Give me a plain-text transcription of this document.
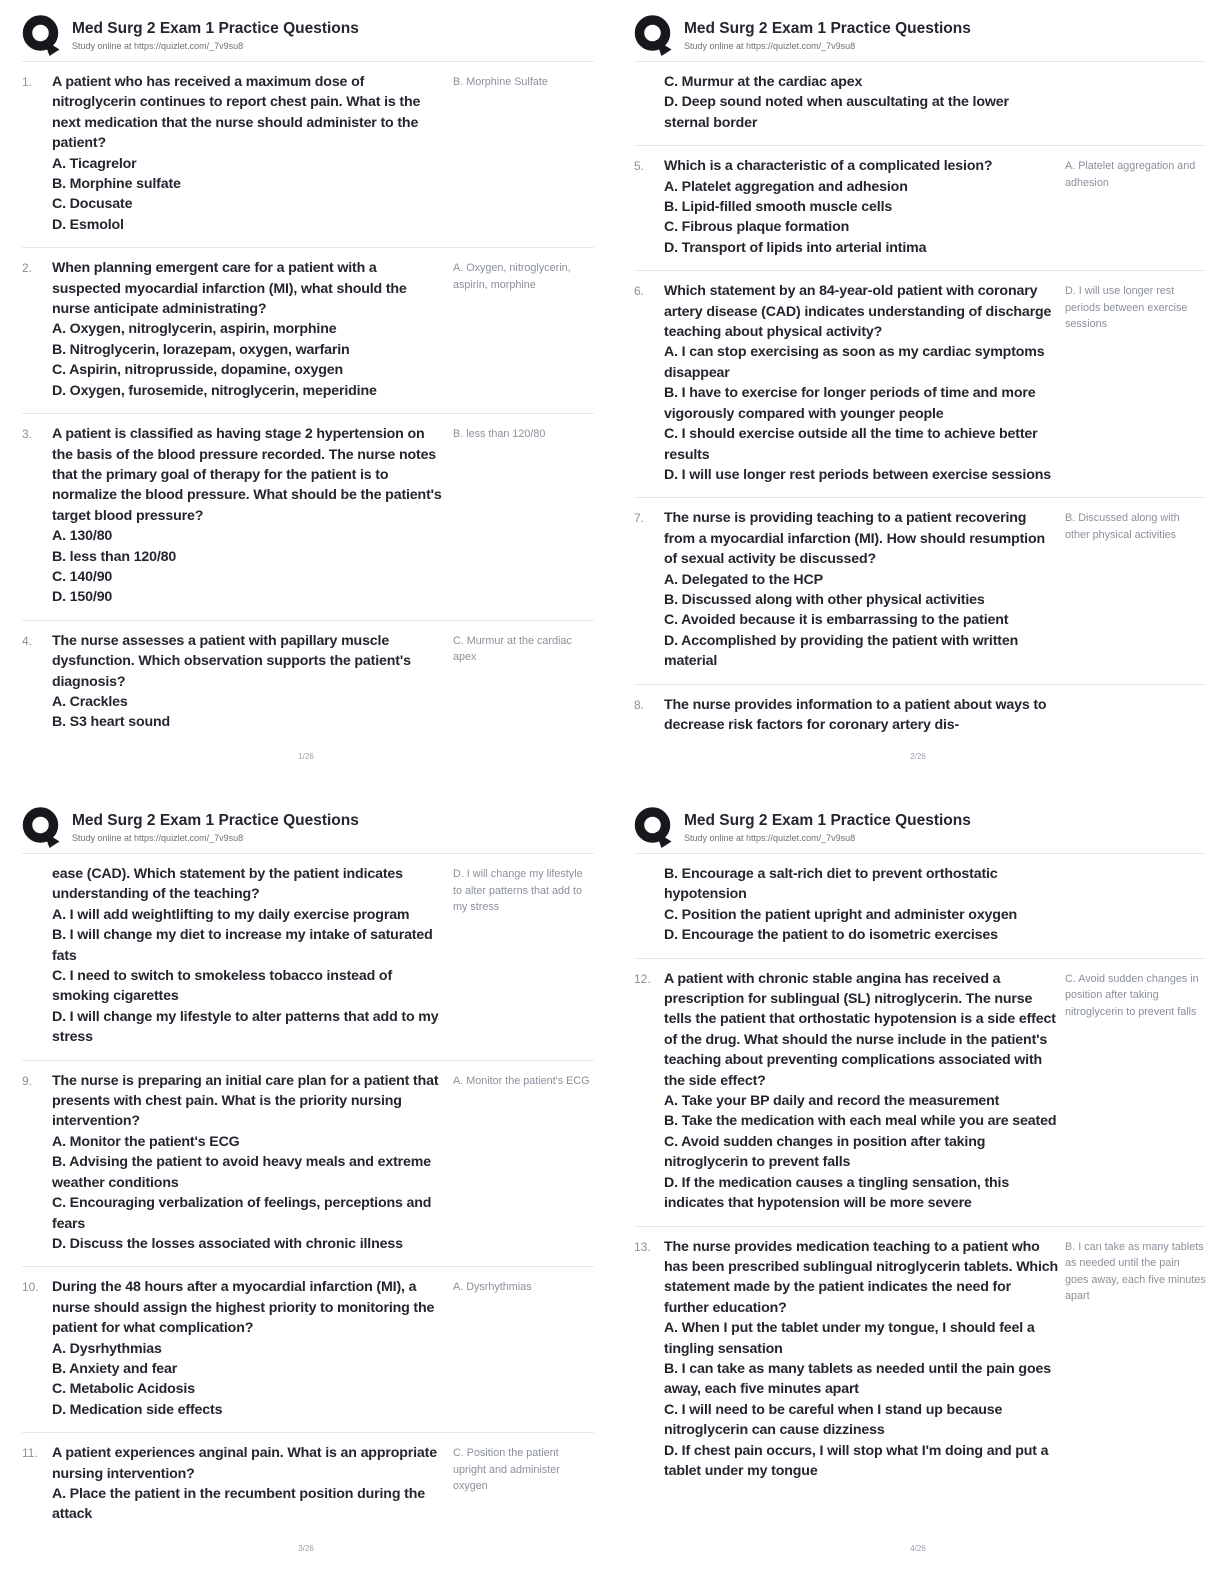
Med Surg 2 Exam 1 Practice Questions
Study online at https://quizlet.com/_7v9su8
1.	A patient who has received a maximum dose of nitroglycerin continues to report chest pain. What is the next medication that the nurse should administer to the patient?
A. Ticagrelor
B. Morphine sulfate
C. Docusate
D. Esmolol
B. Morphine Sulfate
2.	When planning emergent care for a patient with a suspected myocardial infarction (MI), what should the nurse anticipate administrating?
A. Oxygen, nitroglycerin, aspirin, morphine
B. Nitroglycerin, lorazepam, oxygen, warfarin
C. Aspirin, nitroprusside, dopamine, oxygen
D. Oxygen, furosemide, nitroglycerin, meperidine
A. Oxygen, nitroglycerin, aspirin, morphine
3.	A patient is classified as having stage 2 hypertension on the basis of the blood pressure recorded. The nurse notes that the primary goal of therapy for the patient is to normalize the blood pressure. What should be the patient's target blood pressure?
A. 130/80
B. less than 120/80
C. 140/90
D. 150/90
B. less than 120/80
4.	The nurse assesses a patient with papillary muscle dysfunction. Which observation supports the patient's diagnosis?
A. Crackles
B. S3 heart sound
C. Murmur at the cardiac apex
1/26
Med Surg 2 Exam 1 Practice Questions
Study online at https://quizlet.com/_7v9su8
C. Murmur at the cardiac apex
D. Deep sound noted when auscultating at the lower sternal border
5.	Which is a characteristic of a complicated lesion?
A. Platelet aggregation and adhesion
B. Lipid-filled smooth muscle cells
C. Fibrous plaque formation
D. Transport of lipids into arterial intima
A. Platelet aggregation and adhesion
6.	Which statement by an 84-year-old patient with coronary artery disease (CAD) indicates understanding of discharge teaching about physical activity?
A. I can stop exercising as soon as my cardiac symptoms disappear
B. I have to exercise for longer periods of time and more vigorously compared with younger people
C. I should exercise outside all the time to achieve better results
D. I will use longer rest periods between exercise sessions
D. I will use longer rest periods between exercise sessions
7.	The nurse is providing teaching to a patient recovering from a myocardial infarction (MI). How should resumption of sexual activity be discussed?
A. Delegated to the HCP
B. Discussed along with other physical activities
C. Avoided because it is embarrassing to the patient
D. Accomplished by providing the patient with written material
B. Discussed along with other physical activities
8.	The nurse provides information to a patient about ways to decrease risk factors for coronary artery dis-
2/26
Med Surg 2 Exam 1 Practice Questions
Study online at https://quizlet.com/_7v9su8
ease (CAD). Which statement by the patient indicates understanding of the teaching?
A. I will add weightlifting to my daily exercise program
B. I will change my diet to increase my intake of saturated fats
C. I need to switch to smokeless tobacco instead of smoking cigarettes
D. I will change my lifestyle to alter patterns that add to my stress
D. I will change my lifestyle to alter patterns that add to my stress
9.	The nurse is preparing an initial care plan for a patient that presents with chest pain. What is the priority nursing intervention?
A. Monitor the patient's ECG
B. Advising the patient to avoid heavy meals and extreme weather conditions
C. Encouraging verbalization of feelings, perceptions and fears
D. Discuss the losses associated with chronic illness
A. Monitor the patient's ECG
10. During the 48 hours after a myocardial infarction (MI), a nurse should assign the highest priority to monitoring the patient for what complication?
A. Dysrhythmias
B. Anxiety and fear
C. Metabolic Acidosis
D. Medication side effects
A. Dysrhythmias
11.	A patient experiences anginal pain. What is an appropriate nursing intervention?
A. Place the patient in the recumbent position during the attack
C. Position the patient upright and administer oxygen
3/26
Med Surg 2 Exam 1 Practice Questions
Study online at https://quizlet.com/_7v9su8
B. Encourage a salt-rich diet to prevent orthostatic hypotension
C. Position the patient upright and administer oxygen
D. Encourage the patient to do isometric exercises
12. A patient with chronic stable angina has received a prescription for sublingual (SL) nitroglycerin. The nurse tells the patient that orthostatic hypotension is a side effect of the drug. What should the nurse include in the patient's teaching about preventing complications associated with the side effect?
A. Take your BP daily and record the measurement
B. Take the medication with each meal while you are seated
C. Avoid sudden changes in position after taking nitroglycerin to prevent falls
D. If the medication causes a tingling sensation, this indicates that hypotension will be more severe
C. Avoid sudden changes in position after taking nitroglycerin to prevent falls
13. The nurse provides medication teaching to a patient who has been prescribed sublingual nitroglycerin tablets. Which statement made by the patient indicates the need for further education?
A. When I put the tablet under my tongue, I should feel a tingling sensation
B. I can take as many tablets as needed until the pain goes away, each five minutes apart
C. I will need to be careful when I stand up because nitroglycerin can cause dizziness
D. If chest pain occurs, I will stop what I'm doing and put a tablet under my tongue
B. I can take as many tablets as needed until the pain goes away, each five minutes apart
4/26
